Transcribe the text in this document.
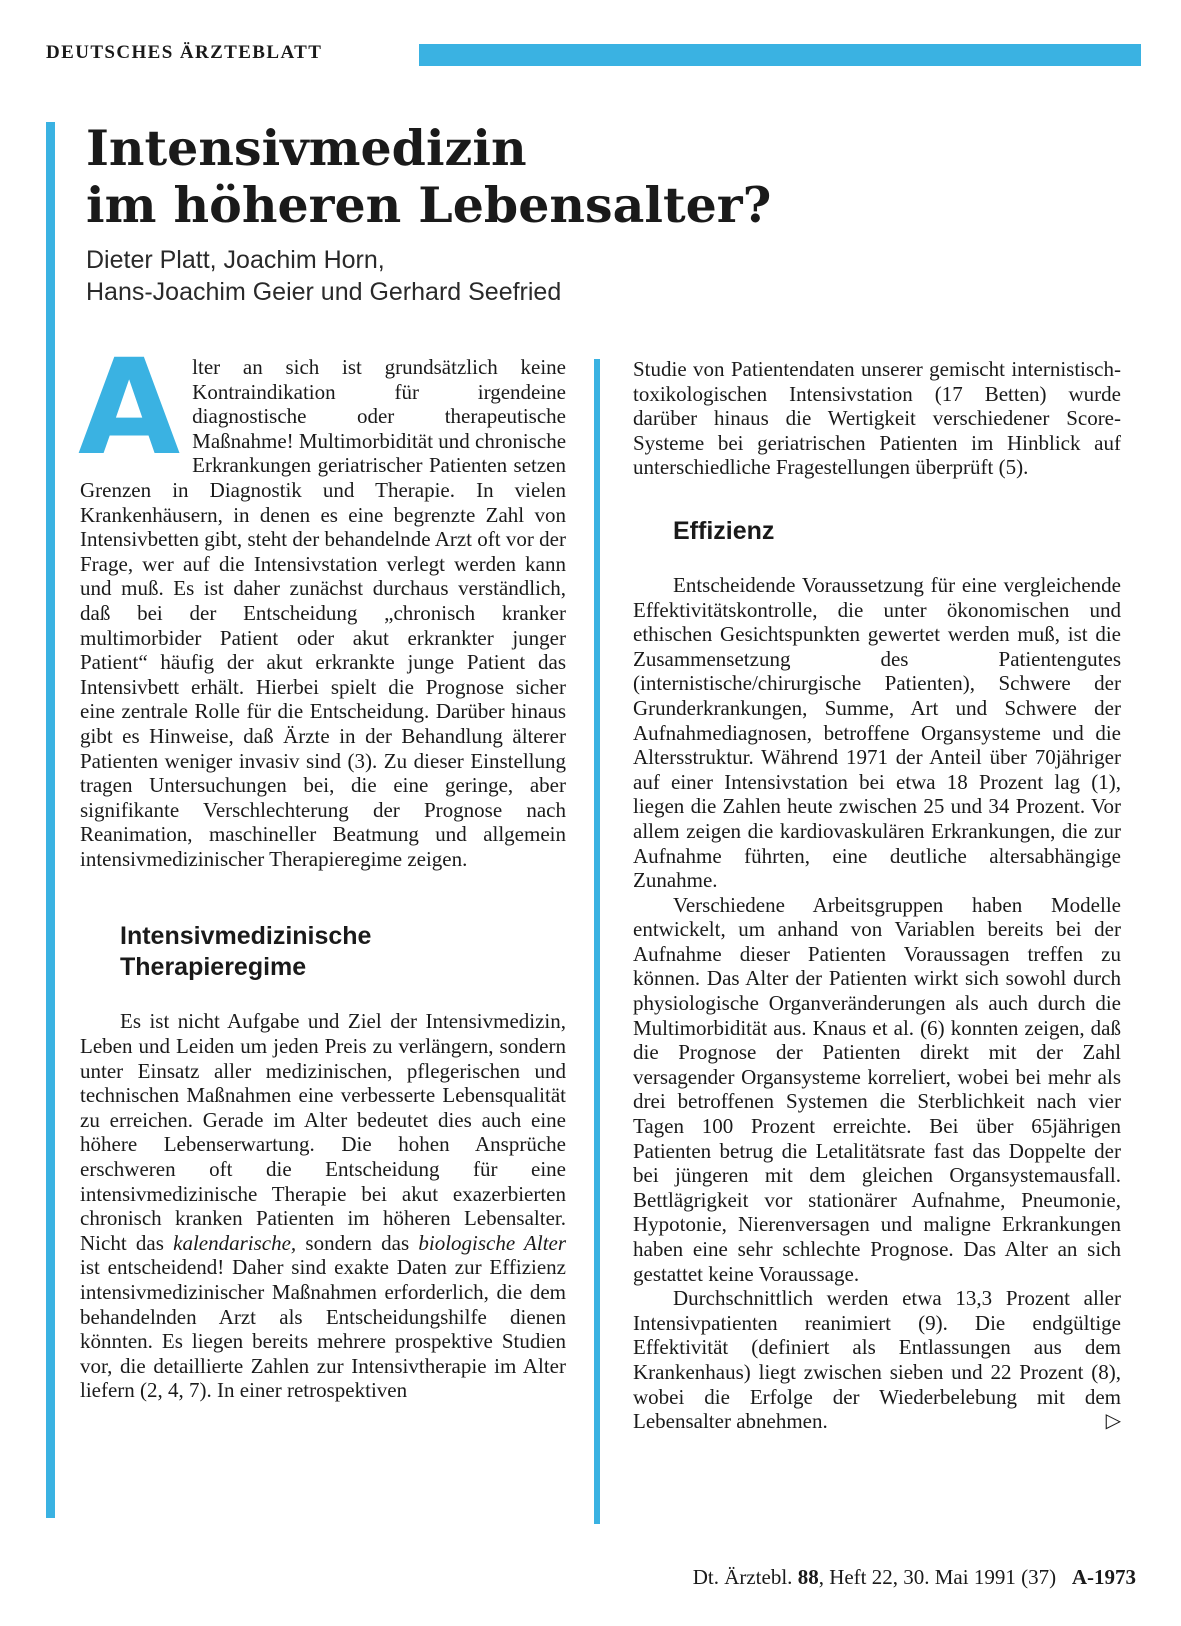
DEUTSCHES ÄRZTEBLATT
Intensivmedizin
im höheren Lebensalter?
Dieter Platt, Joachim Horn,
Hans-Joachim Geier und Gerhard Seefried

Alter an sich ist grundsätzlich keine Kontraindikation für irgendeine diagnostische oder therapeutische Maßnahme! Multimorbidität und chronische Erkrankungen geriatrischer Patienten setzen Grenzen in Diagnostik und Therapie. In vielen Krankenhäusern, in denen es eine begrenzte Zahl von Intensivbetten gibt, steht der behandelnde Arzt oft vor der Frage, wer auf die Intensivstation verlegt werden kann und muß. Es ist daher zunächst durchaus verständlich, daß bei der Entscheidung „chronisch kranker multimorbider Patient oder akut erkrankter junger Patient“ häufig der akut erkrankte junge Patient das Intensivbett erhält. Hierbei spielt die Prognose sicher eine zentrale Rolle für die Entscheidung. Darüber hinaus gibt es Hinweise, daß Ärzte in der Behandlung älterer Patienten weniger invasiv sind (3). Zu dieser Einstellung tragen Untersuchungen bei, die eine geringe, aber signifikante Verschlechterung der Prognose nach Reanimation, maschineller Beatmung und allgemein intensivmedizinischer Therapieregime zeigen.

Intensivmedizinische
Therapieregime

Es ist nicht Aufgabe und Ziel der Intensivmedizin, Leben und Leiden um jeden Preis zu verlängern, sondern unter Einsatz aller medizinischen, pflegerischen und technischen Maßnahmen eine verbesserte Lebensqualität zu erreichen. Gerade im Alter bedeutet dies auch eine höhere Lebenserwartung. Die hohen Ansprüche erschweren oft die Entscheidung für eine intensivmedizinische Therapie bei akut exazerbierten chronisch kranken Patienten im höheren Lebensalter. Nicht das kalendarische, sondern das biologische Alter ist entscheidend! Daher sind exakte Daten zur Effizienz intensivmedizinischer Maßnahmen erforderlich, die dem behandelnden Arzt als Entscheidungshilfe dienen könnten. Es liegen bereits mehrere prospektive Studien vor, die detaillierte Zahlen zur Intensivtherapie im Alter liefern (2, 4, 7). In einer retrospektiven

Studie von Patientendaten unserer gemischt internistisch-toxikologischen Intensivstation (17 Betten) wurde darüber hinaus die Wertigkeit verschiedener Score-Systeme bei geriatrischen Patienten im Hinblick auf unterschiedliche Fragestellungen überprüft (5).

Effizienz

Entscheidende Voraussetzung für eine vergleichende Effektivitätskontrolle, die unter ökonomischen und ethischen Gesichtspunkten gewertet werden muß, ist die Zusammensetzung des Patientengutes (internistische/chirurgische Patienten), Schwere der Grunderkrankungen, Summe, Art und Schwere der Aufnahmediagnosen, betroffene Organsysteme und die Altersstruktur. Während 1971 der Anteil über 70jähriger auf einer Intensivstation bei etwa 18 Prozent lag (1), liegen die Zahlen heute zwischen 25 und 34 Prozent. Vor allem zeigen die kardiovaskulären Erkrankungen, die zur Aufnahme führten, eine deutliche altersabhängige Zunahme.

Verschiedene Arbeitsgruppen haben Modelle entwickelt, um anhand von Variablen bereits bei der Aufnahme dieser Patienten Voraussagen treffen zu können. Das Alter der Patienten wirkt sich sowohl durch physiologische Organveränderungen als auch durch die Multimorbidität aus. Knaus et al. (6) konnten zeigen, daß die Prognose der Patienten direkt mit der Zahl versagender Organsysteme korreliert, wobei bei mehr als drei betroffenen Systemen die Sterblichkeit nach vier Tagen 100 Prozent erreichte. Bei über 65jährigen Patienten betrug die Letalitätsrate fast das Doppelte der bei jüngeren mit dem gleichen Organsystemausfall. Bettlägrigkeit vor stationärer Aufnahme, Pneumonie, Hypotonie, Nierenversagen und maligne Erkrankungen haben eine sehr schlechte Prognose. Das Alter an sich gestattet keine Voraussage.

Durchschnittlich werden etwa 13,3 Prozent aller Intensivpatienten reanimiert (9). Die endgültige Effektivität (definiert als Entlassungen aus dem Krankenhaus) liegt zwischen sieben und 22 Prozent (8), wobei die Erfolge der Wiederbelebung mit dem Lebensalter abnehmen.	▷

Dt. Ärztebl. 88, Heft 22, 30. Mai 1991 (37) A-1973
